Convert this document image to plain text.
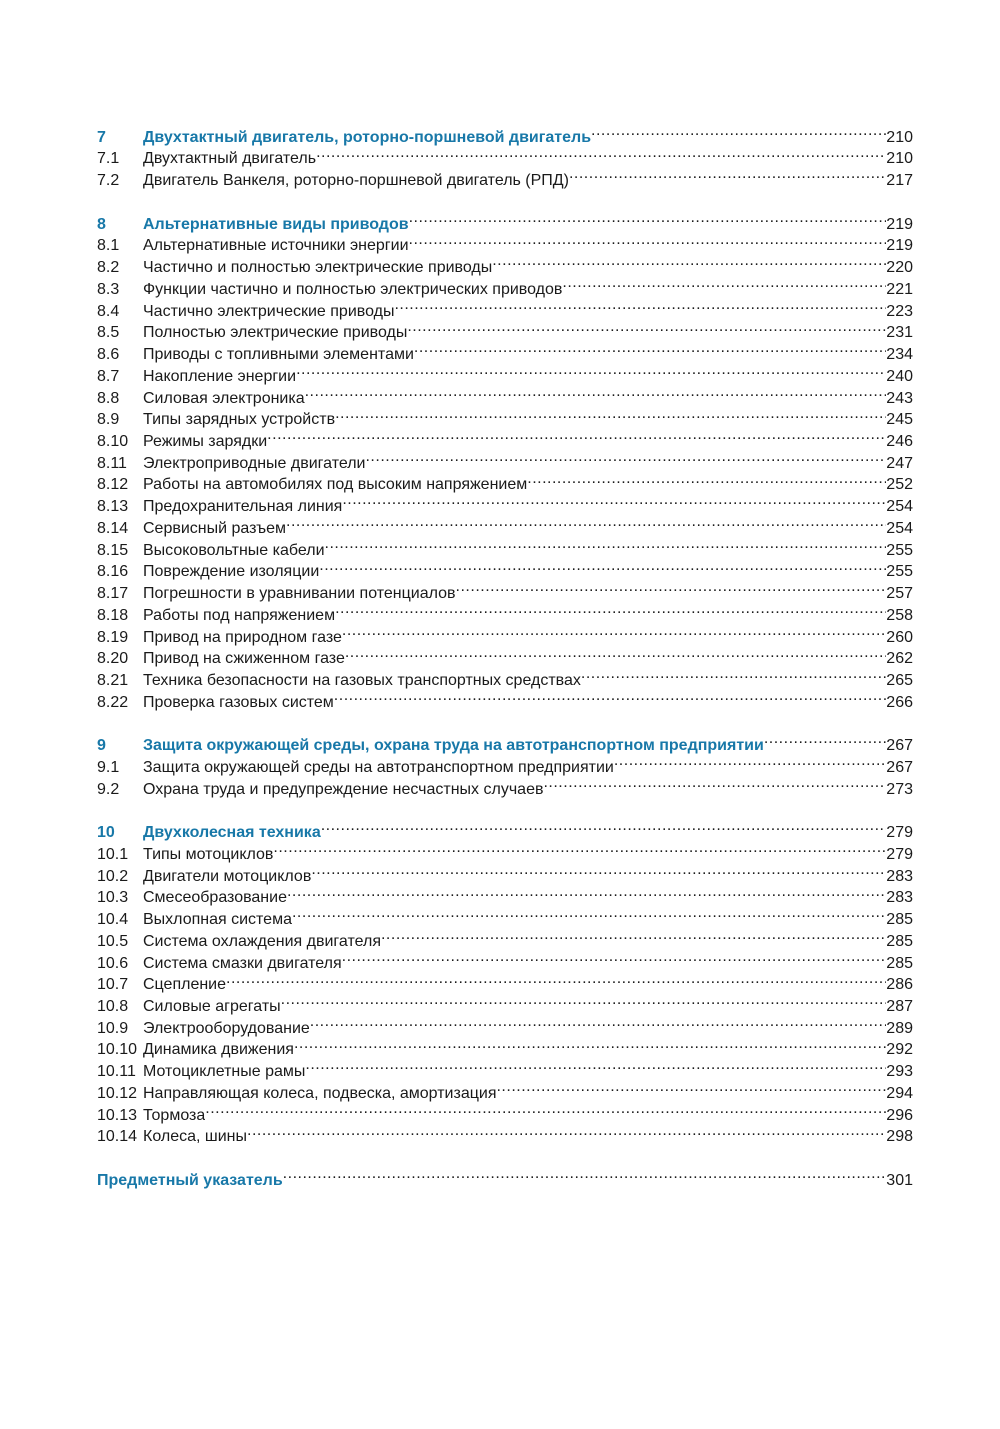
7	Двухтактный двигатель, роторно-поршневой двигатель .....	210
7.1	Двухтактный двигатель .....	210
7.2	Двигатель Ванкеля, роторно-поршневой двигатель (РПД) .....	217
8	Альтернативные виды приводов .....	219
8.1	Альтернативные источники энергии .....	219
8.2	Частично и полностью электрические приводы .....	220
8.3	Функции частично и полностью электрических приводов .....	221
8.4	Частично электрические приводы .....	223
8.5	Полностью электрические приводы .....	231
8.6	Приводы с топливными элементами .....	234
8.7	Накопление энергии .....	240
8.8	Силовая электроника .....	243
8.9	Типы зарядных устройств .....	245
8.10 Режимы зарядки .....	246
8.11	Электроприводные двигатели .....	247
8.12 Работы на автомобилях под высоким напряжением .....	252
8.13 Предохранительная линия .....	254
8.14 Сервисный разъем .....	254
8.15 Высоковольтные кабели .....	255
8.16 Повреждение изоляции .....	255
8.17 Погрешности в уравнивании потенциалов .....	257
8.18 Работы под напряжением .....	258
8.19 Привод на природном газе .....	260
8.20 Привод на сжиженном газе .....	262
8.21 Техника безопасности на газовых транспортных средствах .....	265
8.22 Проверка газовых систем .....	266
9	Защита окружающей среды, охрана труда на автотранспортном предприятии .....	267
9.1	Защита окружающей среды на автотранспортном предприятии .....	267
9.2	Охрана труда и предупреждение несчастных случаев .....	273
10	Двухколесная техника .....	279
10.1 Типы мотоциклов .....	279
10.2 Двигатели мотоциклов .....	283
10.3 Смесеобразование .....	283
10.4 Выхлопная система .....	285
10.5 Система охлаждения двигателя .....	285
10.6 Система смазки двигателя .....	285
10.7 Сцепление .....	286
10.8 Силовые агрегаты .....	287
10.9 Электрооборудование .....	289
10.10 Динамика движения .....	292
10.11 Мотоциклетные рамы .....	293
10.12 Направляющая колеса, подвеска, амортизация .....	294
10.13 Тормоза .....	296
10.14 Колеса, шины .....	298
Предметный указатель .....	301
